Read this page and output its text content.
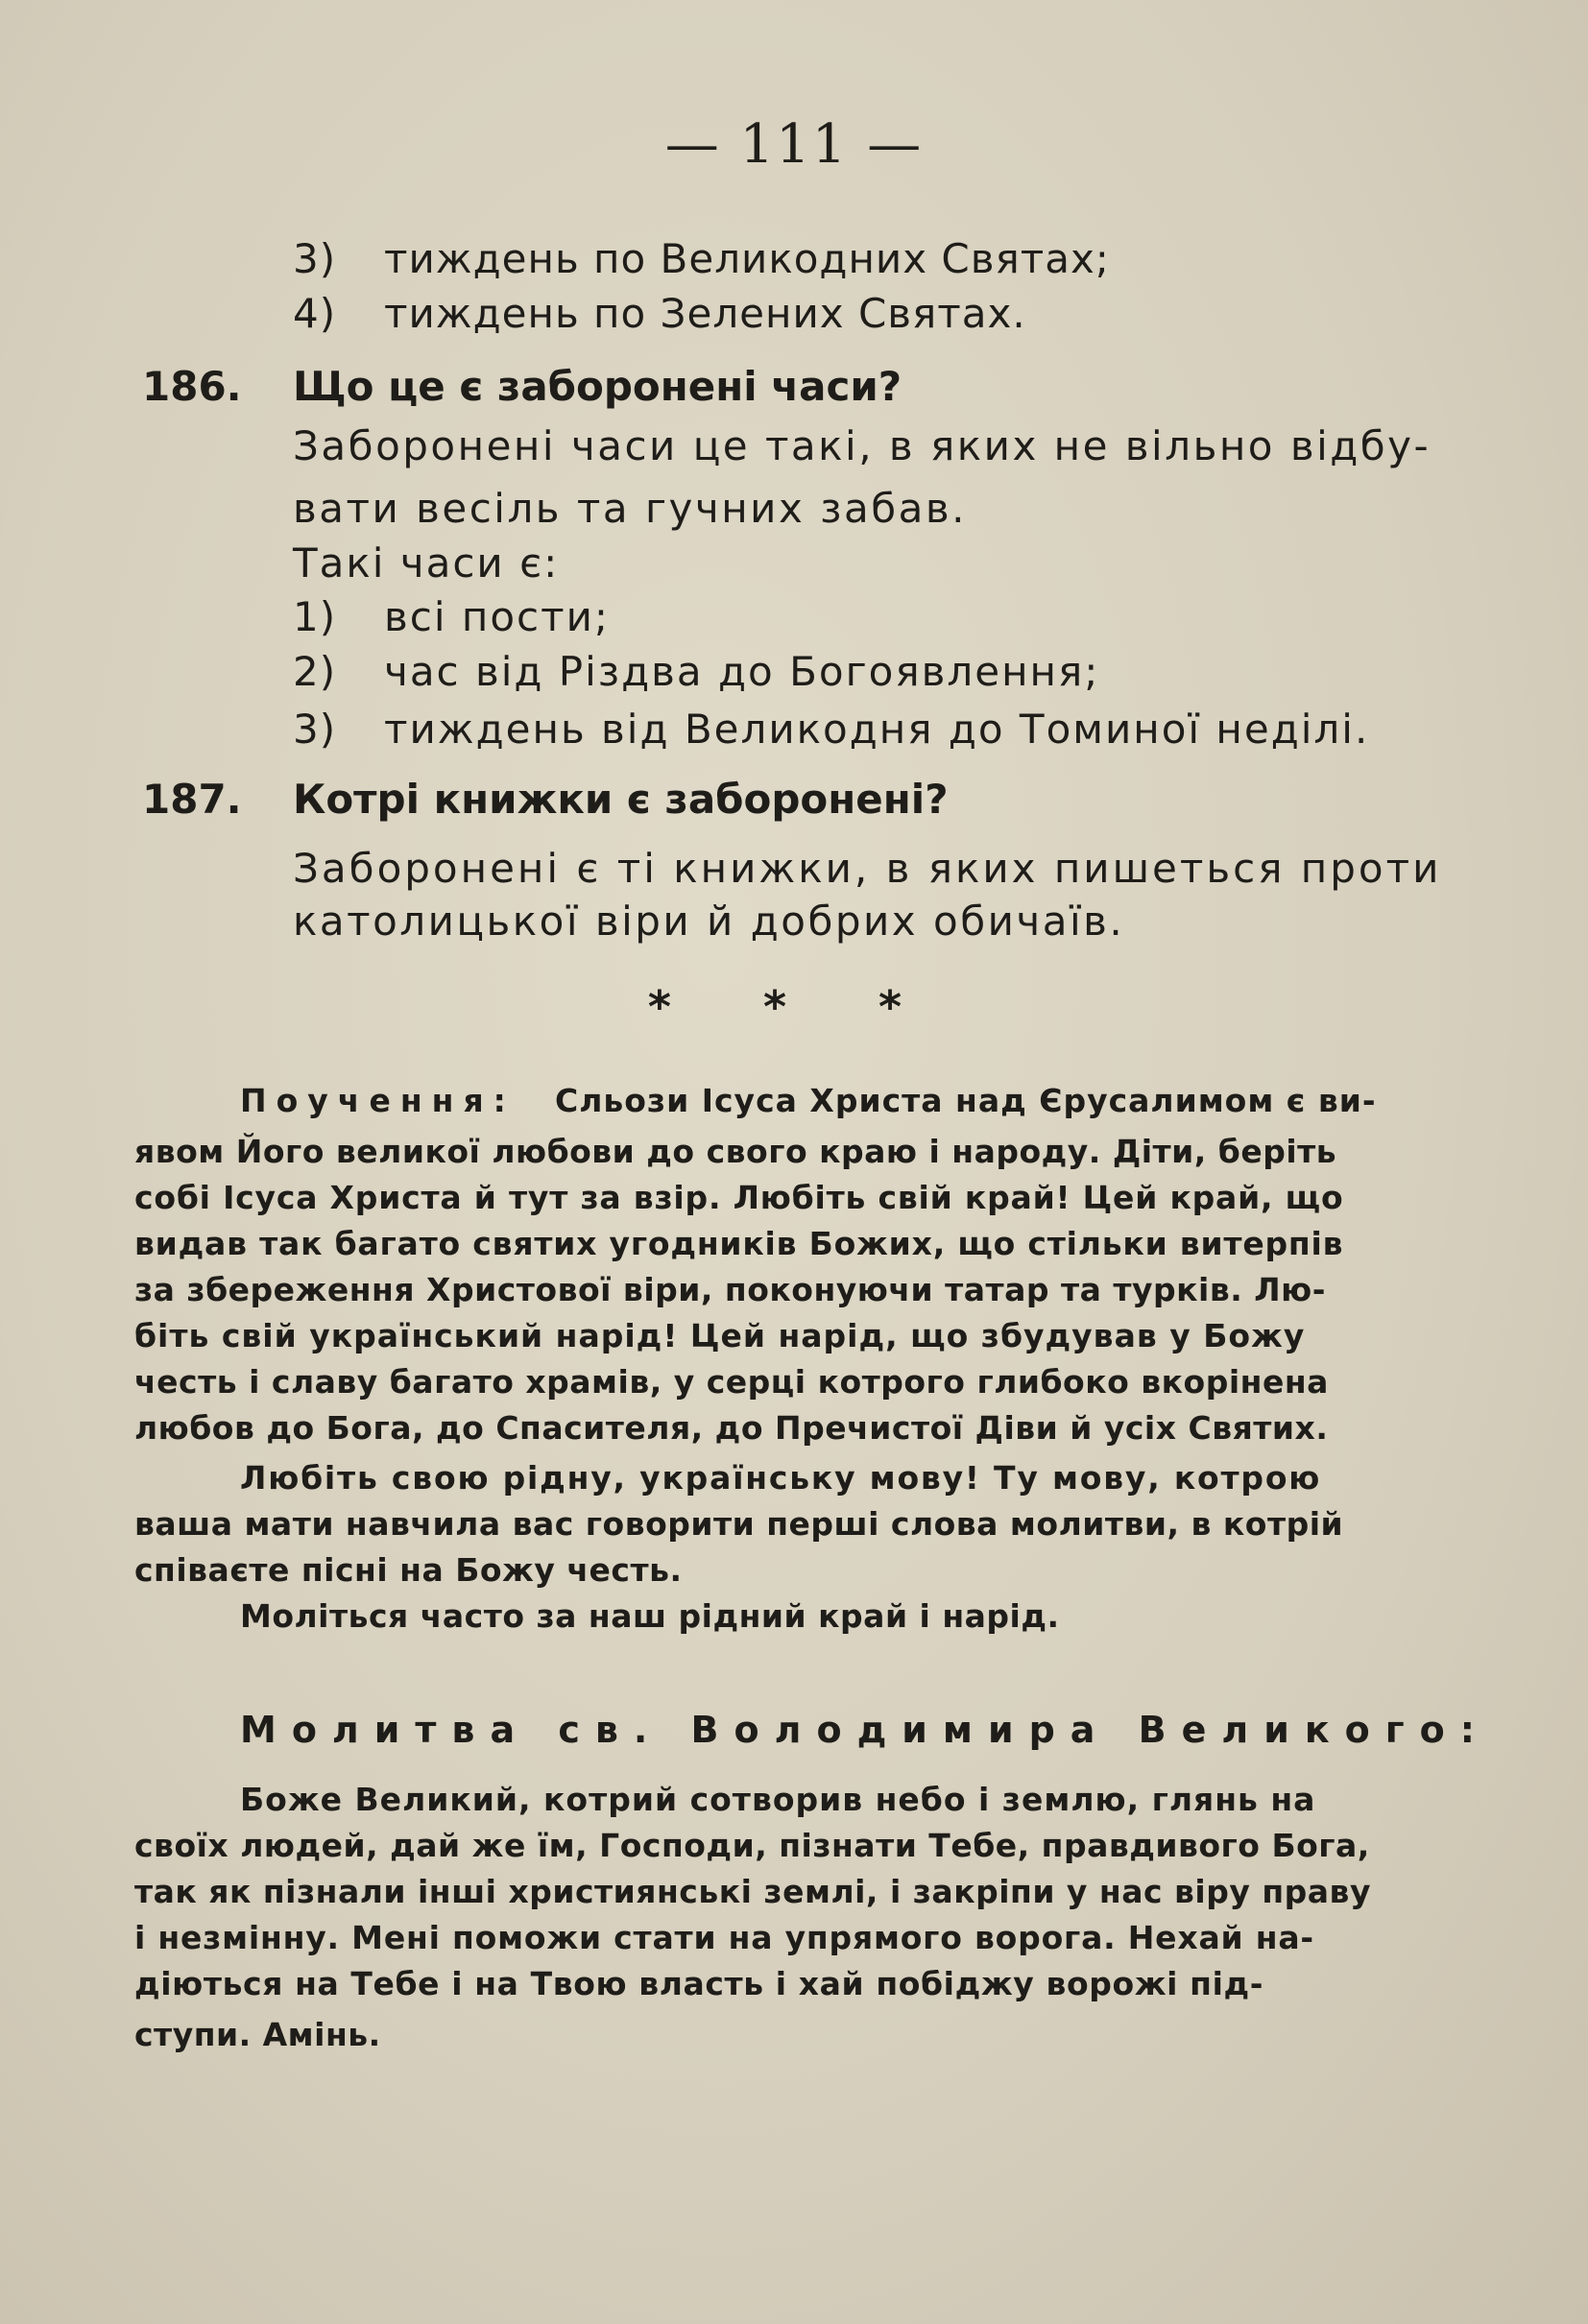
— 111 —
3) тиждень по Великодних Святах;
4) тиждень по Зелених Святах.
186. Що це є заборонені часи?
Заборонені часи це такі, в яких не вільно відбу-
вати весіль та гучних забав.
Такі часи є:
1) всі пости;
2) час від Різдва до Богоявлення;
3) тиждень від Великодня до Томиної неділі.
187. Котрі книжки є заборонені?
Заборонені є ті книжки, в яких пишеться проти
католицької віри й добрих обичаїв.
* * *
Поучення: Сльози Ісуса Христа над Єрусалимом є ви-
явом Його великої любови до свого краю і народу. Діти, беріть
собі Ісуса Христа й тут за взір. Любіть свій край! Цей край, що
видав так багато святих угодників Божих, що стільки витерпів
за збереження Христової віри, поконуючи татар та турків. Лю-
біть свій український нарід! Цей нарід, що збудував у Божу
честь і славу багато храмів, у серці котрого глибоко вкорінена
любов до Бога, до Спасителя, до Пречистої Діви й усіх Святих.
Любіть свою рідну, українську мову! Ту мову, котрою
ваша мати навчила вас говорити перші слова молитви, в котрій
співаєте пісні на Божу честь.
Моліться часто за наш рідний край і нарід.
Молитва св. Володимира Великого:
Боже Великий, котрий сотворив небо і землю, глянь на
своїх людей, дай же їм, Господи, пізнати Тебе, правдивого Бога,
так як пізнали інші християнські землі, і закріпи у нас віру праву
і незмінну. Мені поможи стати на упрямого ворога. Нехай на-
діються на Тебе і на Твою власть і хай побіджу ворожі під-
ступи. Амінь.
